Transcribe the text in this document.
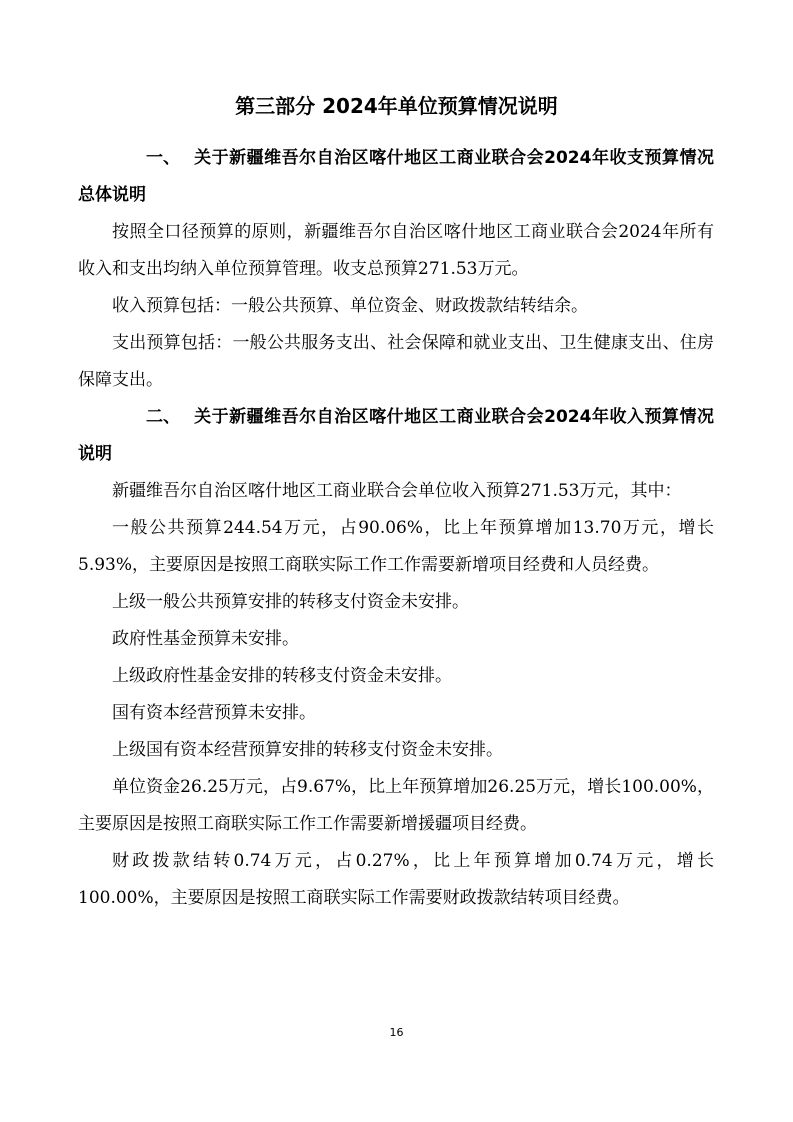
第三部分 2024年单位预算情况说明

一、 关于新疆维吾尔自治区喀什地区工商业联合会2024年收支预算情况总体说明

按照全口径预算的原则，新疆维吾尔自治区喀什地区工商业联合会2024年所有收入和支出均纳入单位预算管理。收支总预算271.53万元。

收入预算包括：一般公共预算、单位资金、财政拨款结转结余。

支出预算包括：一般公共服务支出、社会保障和就业支出、卫生健康支出、住房保障支出。

二、 关于新疆维吾尔自治区喀什地区工商业联合会2024年收入预算情况说明

新疆维吾尔自治区喀什地区工商业联合会单位收入预算271.53万元，其中：

一般公共预算244.54万元，占90.06%，比上年预算增加13.70万元，增长5.93%，主要原因是按照工商联实际工作工作需要新增项目经费和人员经费。

上级一般公共预算安排的转移支付资金未安排。

政府性基金预算未安排。

上级政府性基金安排的转移支付资金未安排。

国有资本经营预算未安排。

上级国有资本经营预算安排的转移支付资金未安排。

单位资金26.25万元，占9.67%，比上年预算增加26.25万元，增长100.00%，主要原因是按照工商联实际工作工作需要新增援疆项目经费。

财政拨款结转0.74万元，占0.27%，比上年预算增加0.74万元，增长100.00%，主要原因是按照工商联实际工作需要财政拨款结转项目经费。

16
